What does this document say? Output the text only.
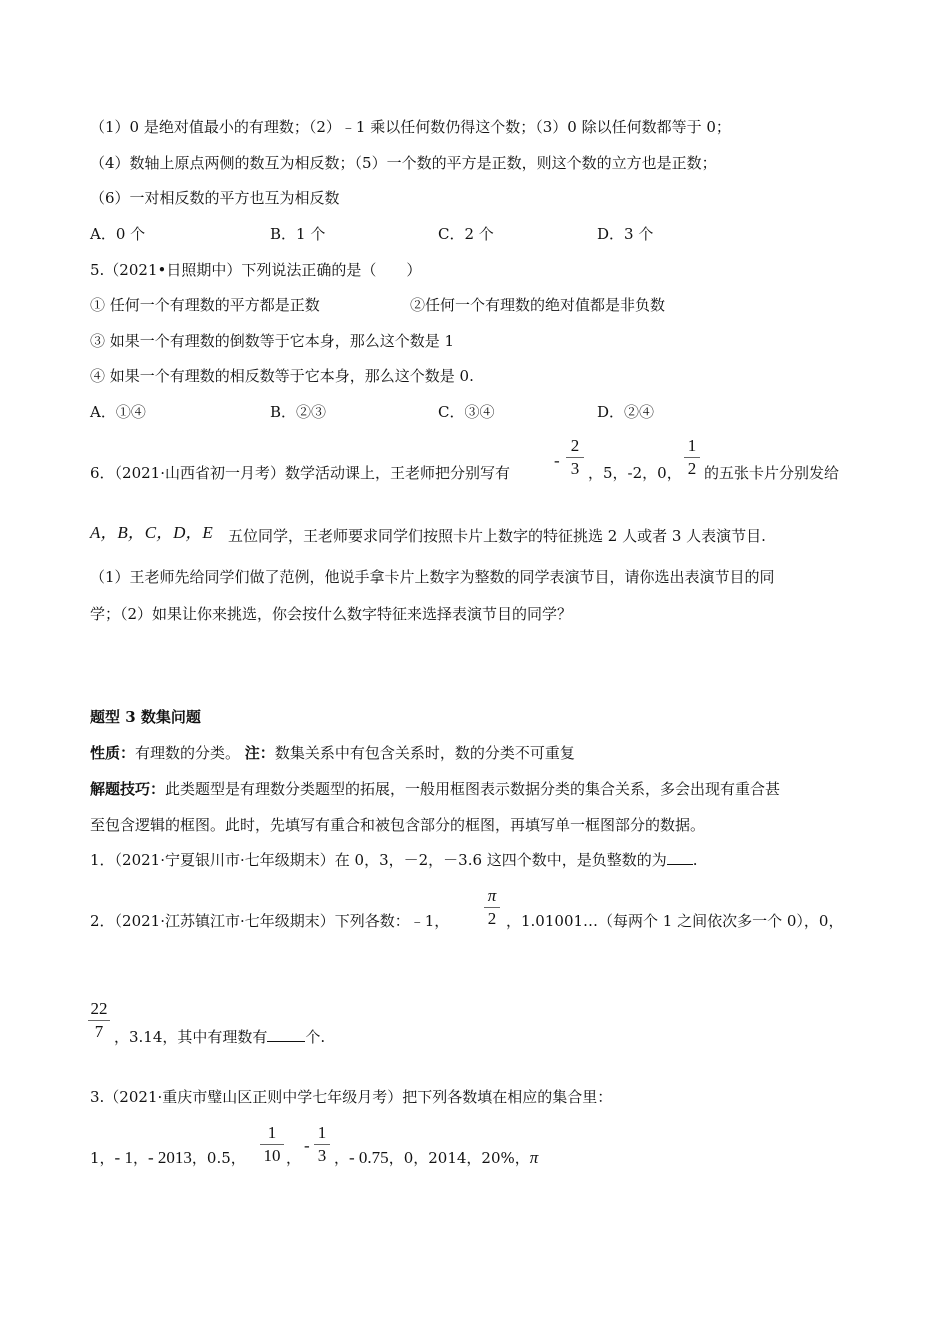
（1）0 是绝对值最小的有理数；（2）﹣1 乘以任何数仍得这个数；（3）0 除以任何数都等于 0；
（4）数轴上原点两侧的数互为相反数；（5）一个数的平方是正数，则这个数的立方也是正数；
（6）一对相反数的平方也互为相反数
A．0 个	B．1 个	C．2 个	D．3 个
5.（2021•日照期中）下列说法正确的是（　　）
① 任何一个有理数的平方都是正数	②任何一个有理数的绝对值都是非负数
③ 如果一个有理数的倒数等于它本身，那么这个数是 1
④ 如果一个有理数的相反数等于它本身，那么这个数是 0.
A．①④	B．②③	C．③④	D．②④
6．（2021·山西省初一月考）数学活动课上，王老师把分别写有
-
2
3 ，5，-2，0，
1
2 的五张卡片分别发给
A，B，C，D，E 五位同学，王老师要求同学们按照卡片上数字的特征挑选 2 人或者 3 人表演节目.
（1）王老师先给同学们做了范例，他说手拿卡片上数字为整数的同学表演节目，请你选出表演节目的同
学；（2）如果让你来挑选，你会按什么数字特征来选择表演节目的同学？
题型 3 数集问题
性质：有理数的分类。 注：数集关系中有包含关系时，数的分类不可重复
解题技巧：此类题型是有理数分类题型的拓展，一般用框图表示数据分类的集合关系，多会出现有重合甚
至包含逻辑的框图。此时，先填写有重合和被包含部分的框图，再填写单一框图部分的数据。
1．（2021·宁夏银川市·七年级期末）在 0，3，－2，－3.6 这四个数中，是负整数的为 .
2．（2021·江苏镇江市·七年级期末）下列各数：﹣1，
π
2 ，1.01001…（每两个 1 之间依次多一个 0），0，
22
7 ，3.14，其中有理数有	个.
3.（2021·重庆市璧山区正则中学七年级月考）把下列各数填在相应的集合里：
1，- 1，- 2013，0.5，
1
10 ，
-
1
3 ，- 0.75，0，2014，20%，π
